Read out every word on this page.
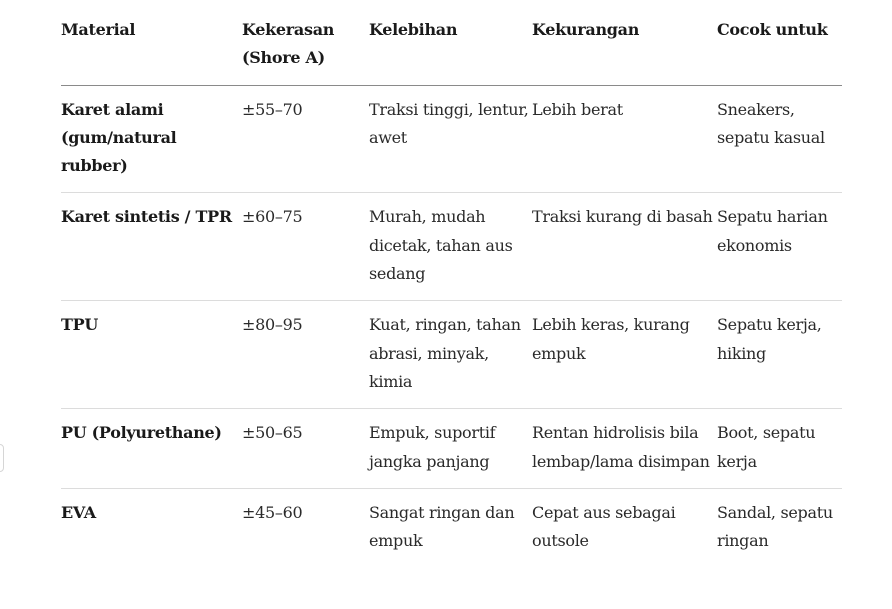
Material	Kekerasan (Shore A)	Kelebihan	Kekurangan	Cocok untuk
Karet alami (gum/natural rubber)	±55–70	Traksi tinggi, lentur, awet	Lebih berat	Sneakers, sepatu kasual
Karet sintetis / TPR	±60–75	Murah, mudah dicetak, tahan aus sedang	Traksi kurang di basah	Sepatu harian ekonomis
TPU	±80–95	Kuat, ringan, tahan abrasi, minyak, kimia	Lebih keras, kurang empuk	Sepatu kerja, hiking
PU (Polyurethane)	±50–65	Empuk, suportif jangka panjang	Rentan hidrolisis bila lembap/lama disimpan	Boot, sepatu kerja
EVA	±45–60	Sangat ringan dan empuk	Cepat aus sebagai outsole	Sandal, sepatu ringan
